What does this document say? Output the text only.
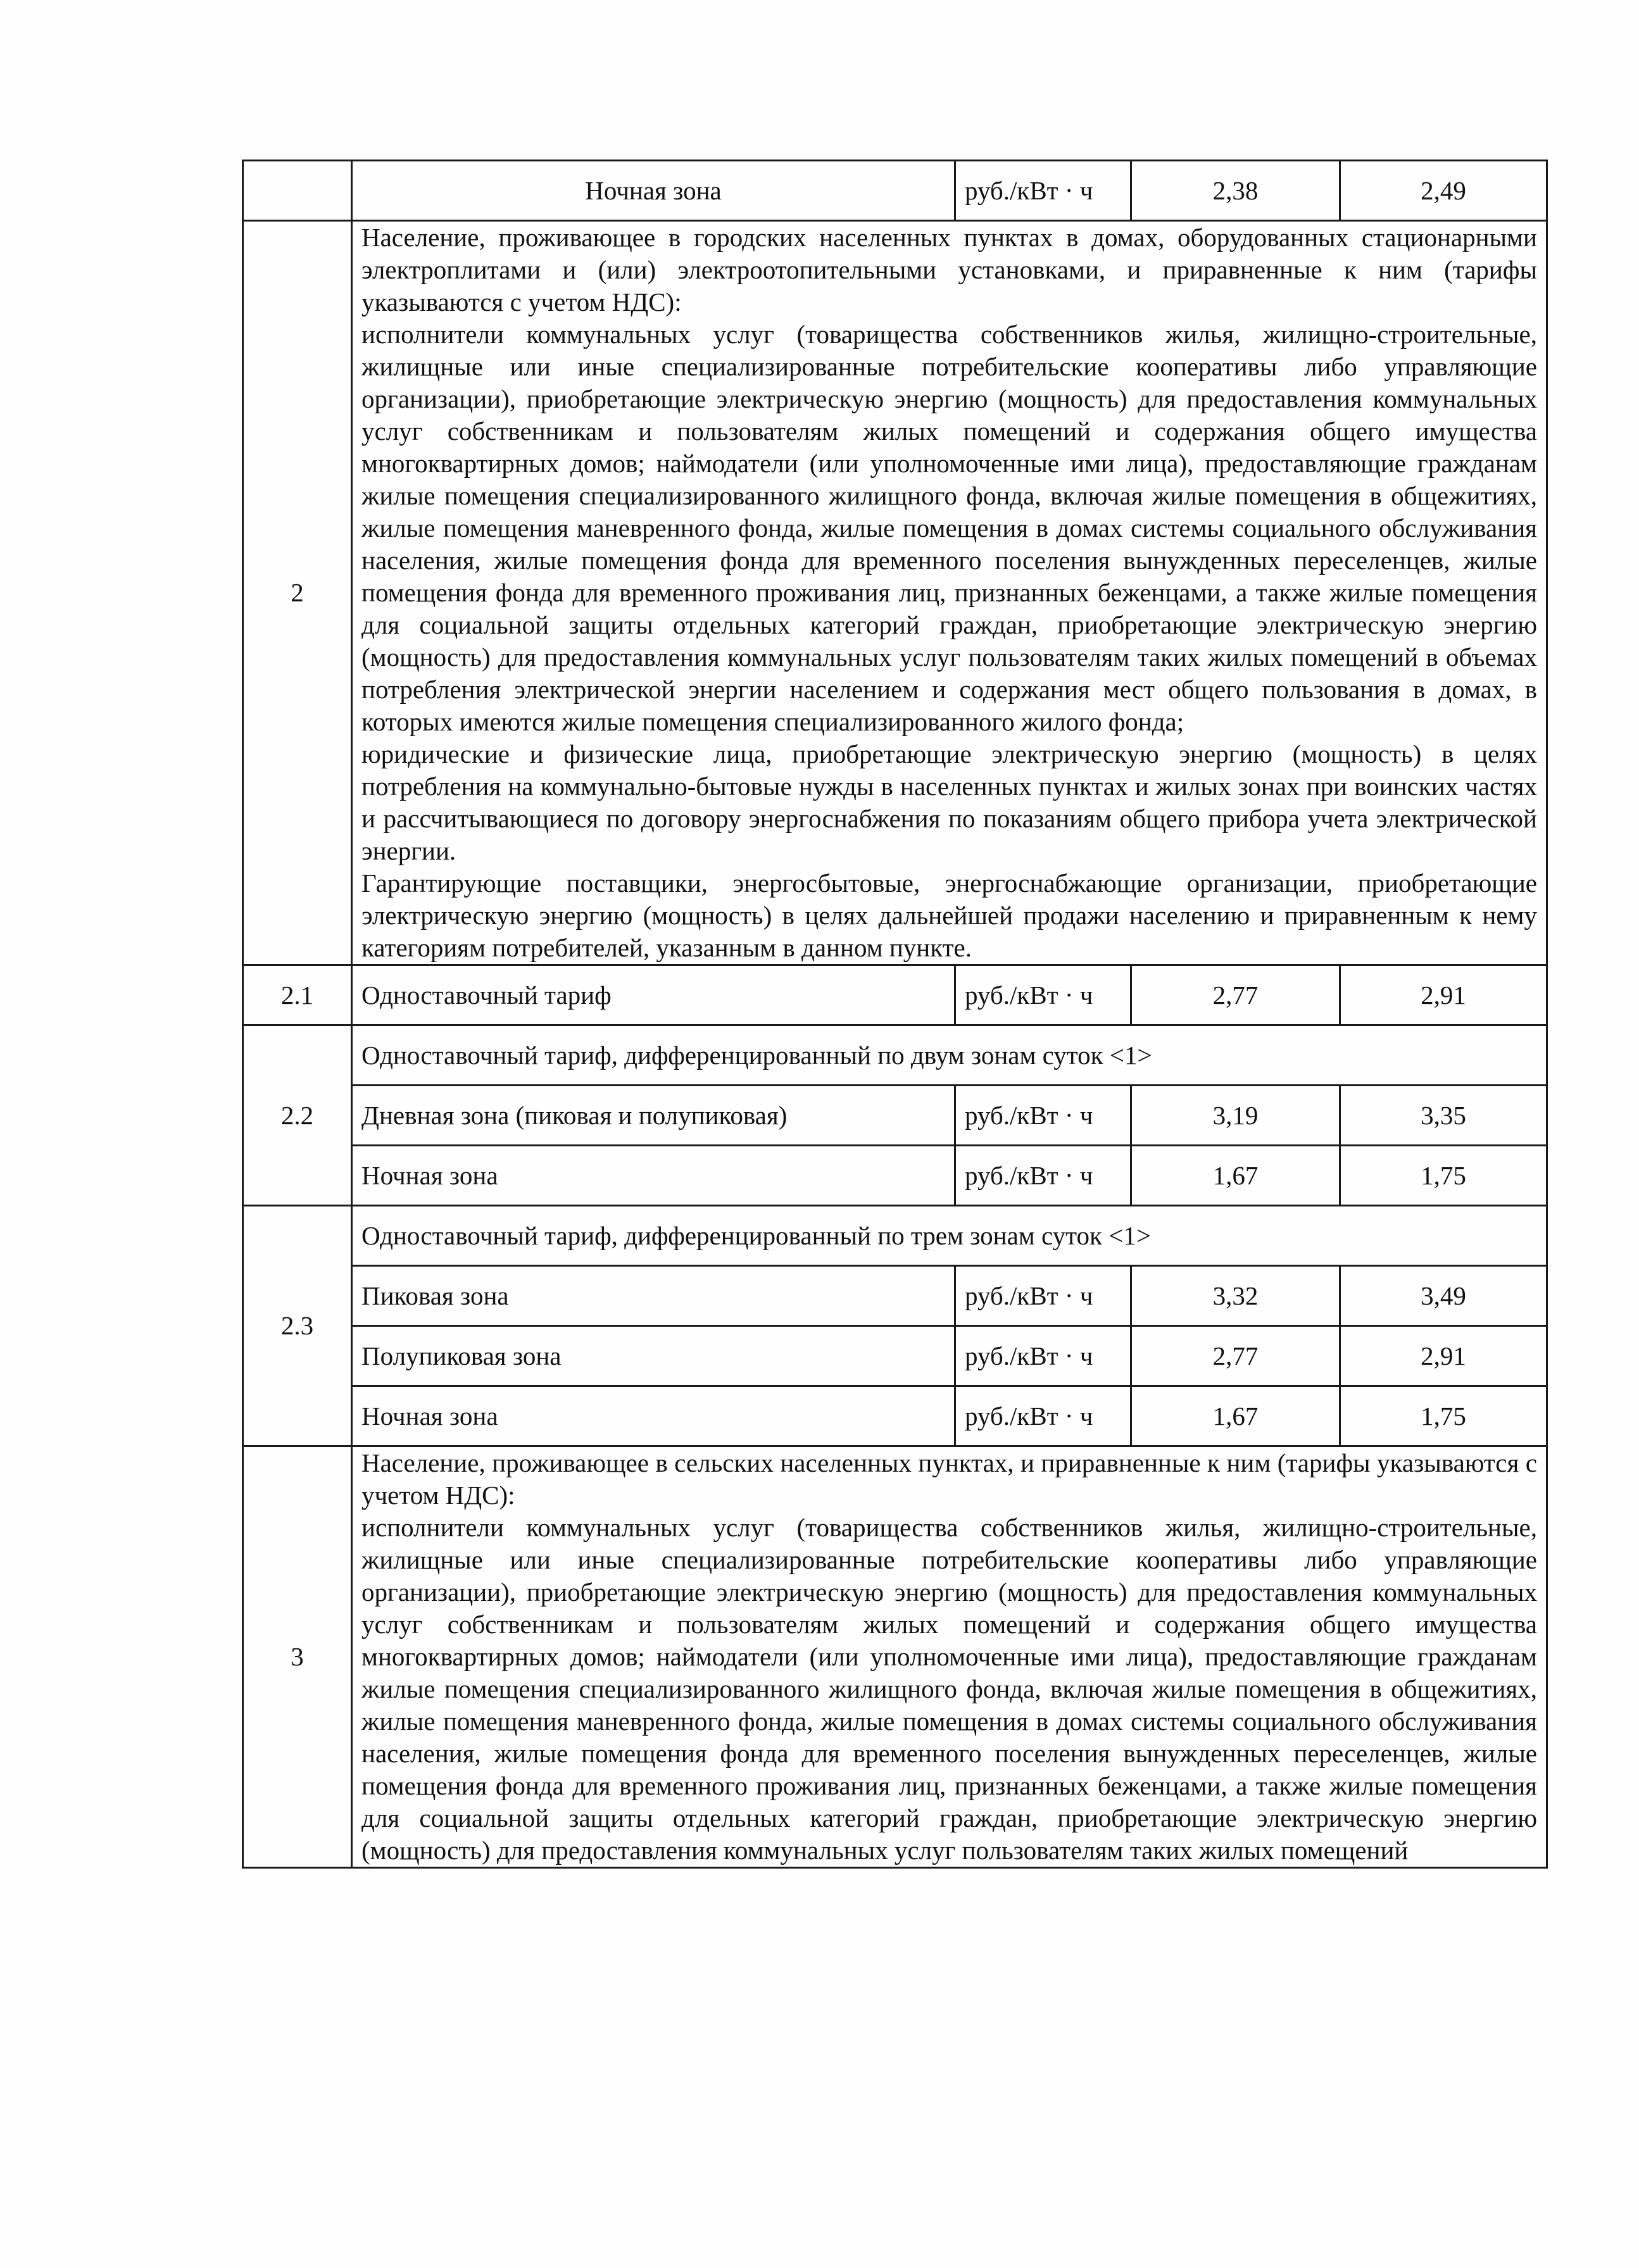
	Ночная зона	руб./кВт · ч	2,38	2,49
2	Население, проживающее в городских населенных пунктах в домах, оборудованных стационарными электроплитами и (или) электроотопительными установками, и приравненные к ним (тарифы указываются с учетом НДС):

исполнители коммунальных услуг (товарищества собственников жилья, жилищно-строительные, жилищные или иные специализированные потребительские кооперативы либо управляющие организации), приобретающие электрическую энергию (мощность) для предоставления коммунальных услуг собственникам и пользователям жилых помещений и содержания общего имущества многоквартирных домов; наймодатели (или уполномоченные ими лица), предоставляющие гражданам жилые помещения специализированного жилищного фонда, включая жилые помещения в общежитиях, жилые помещения маневренного фонда, жилые помещения в домах системы социального обслуживания населения, жилые помещения фонда для временного поселения вынужденных переселенцев, жилые помещения фонда для временного проживания лиц, признанных беженцами, а также жилые помещения для социальной защиты отдельных категорий граждан, приобретающие электрическую энергию (мощность) для предоставления коммунальных услуг пользователям таких жилых помещений в объемах потребления электрической энергии населением и содержания мест общего пользования в домах, в которых имеются жилые помещения специализированного жилого фонда;

юридические и физические лица, приобретающие электрическую энергию (мощность) в целях потребления на коммунально-бытовые нужды в населенных пунктах и жилых зонах при воинских частях и рассчитывающиеся по договору энергоснабжения по показаниям общего прибора учета электрической энергии.

Гарантирующие поставщики, энергосбытовые, энергоснабжающие организации, приобретающие электрическую энергию (мощность) в целях дальнейшей продажи населению и приравненным к нему категориям потребителей, указанным в данном пункте.			

2.1	Одноставочный тариф	руб./кВт · ч	2,77	2,91
2.2	Одноставочный тариф, дифференцированный по двум зонам суток <1>			
	Дневная зона (пиковая и полупиковая)	руб./кВт · ч	3,19	3,35
	Ночная зона	руб./кВт · ч	1,67	1,75
2.3	Одноставочный тариф, дифференцированный по трем зонам суток <1>			
	Пиковая зона	руб./кВт · ч	3,32	3,49
	Полупиковая зона	руб./кВт · ч	2,77	2,91
	Ночная зона	руб./кВт · ч	1,67	1,75
3	Население, проживающее в сельских населенных пунктах, и приравненные к ним (тарифы указываются с учетом НДС):

исполнители коммунальных услуг (товарищества собственников жилья, жилищно-строительные, жилищные или иные специализированные потребительские кооперативы либо управляющие организации), приобретающие электрическую энергию (мощность) для предоставления коммунальных услуг собственникам и пользователям жилых помещений и содержания общего имущества многоквартирных домов; наймодатели (или уполномоченные ими лица), предоставляющие гражданам жилые помещения специализированного жилищного фонда, включая жилые помещения в общежитиях, жилые помещения маневренного фонда, жилые помещения в домах системы социального обслуживания населения, жилые помещения фонда для временного поселения вынужденных переселенцев, жилые помещения фонда для временного проживания лиц, признанных беженцами, а также жилые помещения для социальной защиты отдельных категорий граждан, приобретающие электрическую энергию (мощность) для предоставления коммунальных услуг пользователям таких жилых помещений			
